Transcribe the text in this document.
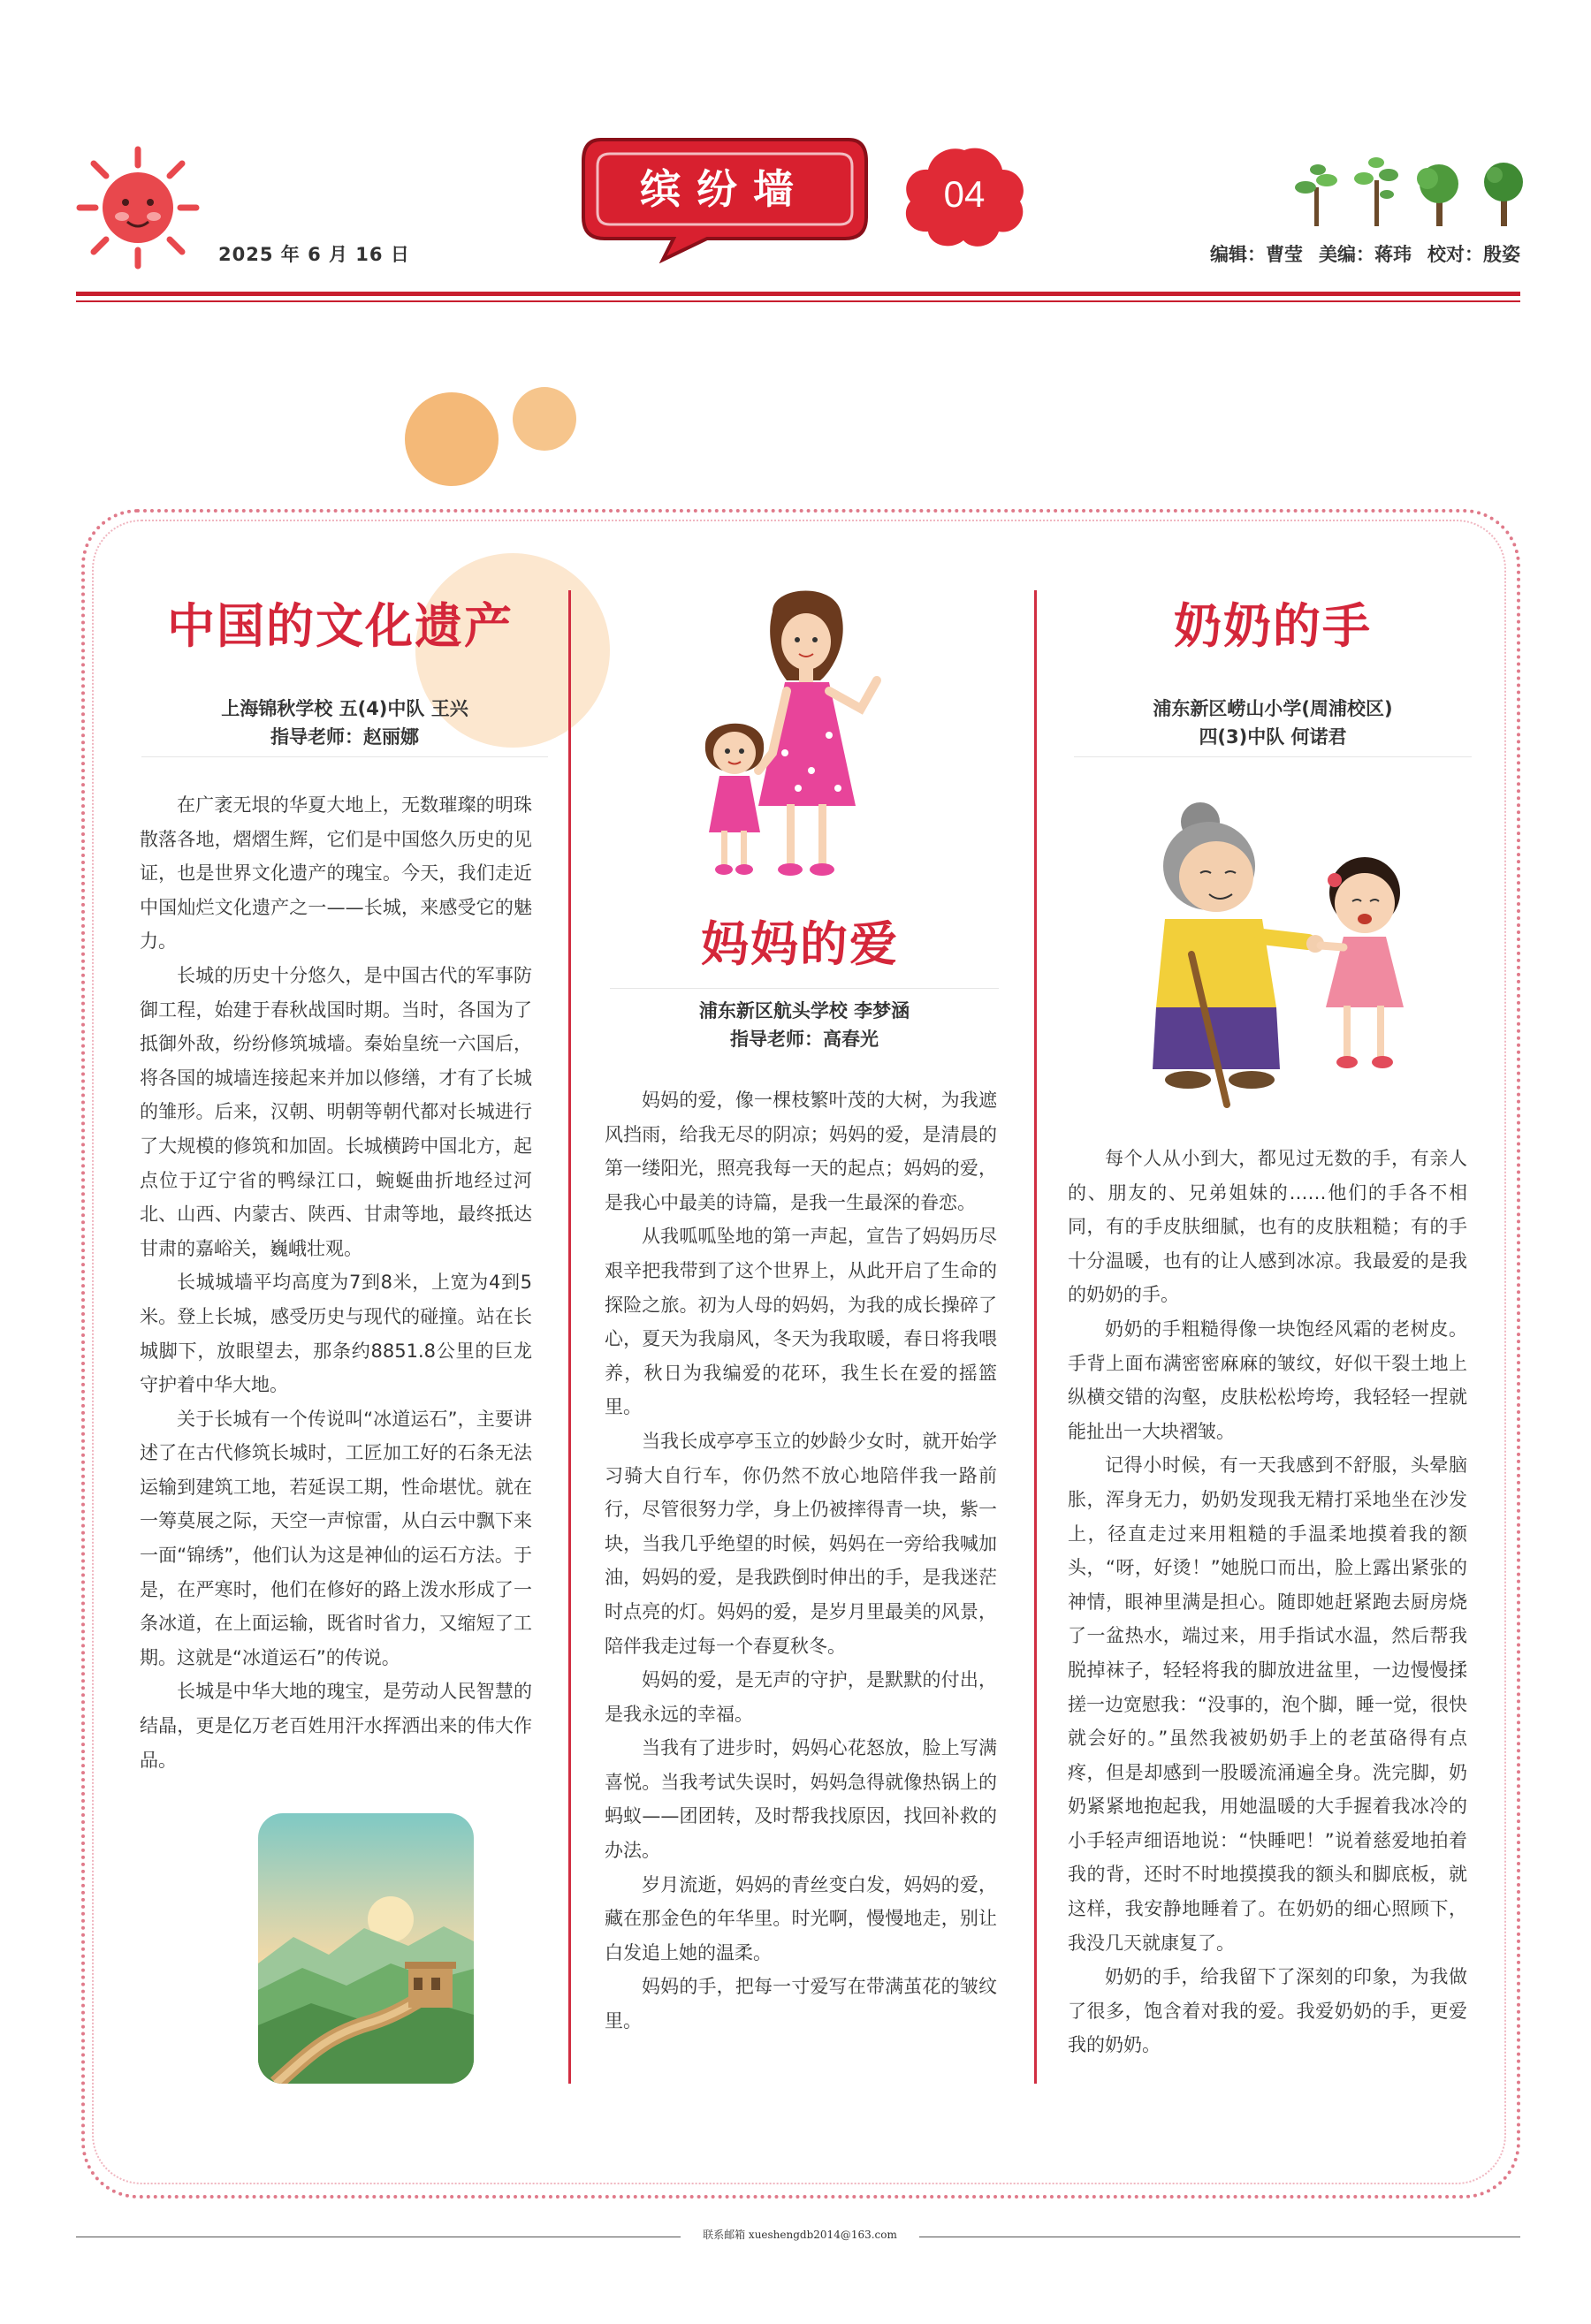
2025 年 6 月 16 日
缤纷墙	04
编辑：曹莹 美编：蒋玮 校对：殷姿
中国的文化遗产
上海锦秋学校 五(4)中队 王兴
指导老师：赵丽娜

在广袤无垠的华夏大地上，无数璀璨的明珠散落各地，熠熠生辉，它们是中国悠久历史的见证，也是世界文化遗产的瑰宝。今天，我们走近中国灿烂文化遗产之一——长城，来感受它的魅力。

长城的历史十分悠久，是中国古代的军事防御工程，始建于春秋战国时期。当时，各国为了抵御外敌，纷纷修筑城墙。秦始皇统一六国后，将各国的城墙连接起来并加以修缮，才有了长城的雏形。后来，汉朝、明朝等朝代都对长城进行了大规模的修筑和加固。长城横跨中国北方，起点位于辽宁省的鸭绿江口，蜿蜒曲折地经过河北、山西、内蒙古、陕西、甘肃等地，最终抵达甘肃的嘉峪关，巍峨壮观。

长城城墙平均高度为7到8米，上宽为4到5米。登上长城，感受历史与现代的碰撞。站在长城脚下，放眼望去，那条约8851.8公里的巨龙守护着中华大地。

关于长城有一个传说叫“冰道运石”，主要讲述了在古代修筑长城时，工匠加工好的石条无法运输到建筑工地，若延误工期，性命堪忧。就在一筹莫展之际，天空一声惊雷，从白云中飘下来一面“锦绣”，他们认为这是神仙的运石方法。于是，在严寒时，他们在修好的路上泼水形成了一条冰道，在上面运输，既省时省力，又缩短了工期。这就是“冰道运石”的传说。

长城是中华大地的瑰宝，是劳动人民智慧的结晶，更是亿万老百姓用汗水挥洒出来的伟大作品。

妈妈的爱
浦东新区航头学校 李梦涵
指导老师：高春光

妈妈的爱，像一棵枝繁叶茂的大树，为我遮风挡雨，给我无尽的阴凉；妈妈的爱，是清晨的第一缕阳光，照亮我每一天的起点；妈妈的爱，是我心中最美的诗篇，是我一生最深的眷恋。

从我呱呱坠地的第一声起，宣告了妈妈历尽艰辛把我带到了这个世界上，从此开启了生命的探险之旅。初为人母的妈妈，为我的成长操碎了心，夏天为我扇风，冬天为我取暖，春日将我喂养，秋日为我编爱的花环，我生长在爱的摇篮里。

当我长成亭亭玉立的妙龄少女时，就开始学习骑大自行车，你仍然不放心地陪伴我一路前行，尽管很努力学，身上仍被摔得青一块，紫一块，当我几乎绝望的时候，妈妈在一旁给我喊加油，妈妈的爱，是我跌倒时伸出的手，是我迷茫时点亮的灯。妈妈的爱，是岁月里最美的风景，陪伴我走过每一个春夏秋冬。

妈妈的爱，是无声的守护，是默默的付出，是我永远的幸福。

当我有了进步时，妈妈心花怒放，脸上写满喜悦。当我考试失误时，妈妈急得就像热锅上的蚂蚁——团团转，及时帮我找原因，找回补救的办法。

岁月流逝，妈妈的青丝变白发，妈妈的爱，藏在那金色的年华里。时光啊，慢慢地走，别让白发追上她的温柔。

妈妈的手，把每一寸爱写在带满茧花的皱纹里。

奶奶的手
浦东新区崂山小学(周浦校区)
四(3)中队 何诺君

每个人从小到大，都见过无数的手，有亲人的、朋友的、兄弟姐妹的……他们的手各不相同，有的手皮肤细腻，也有的皮肤粗糙；有的手十分温暖，也有的让人感到冰凉。我最爱的是我的奶奶的手。

奶奶的手粗糙得像一块饱经风霜的老树皮。手背上面布满密密麻麻的皱纹，好似干裂土地上纵横交错的沟壑，皮肤松松垮垮，我轻轻一捏就能扯出一大块褶皱。

记得小时候，有一天我感到不舒服，头晕脑胀，浑身无力，奶奶发现我无精打采地坐在沙发上，径直走过来用粗糙的手温柔地摸着我的额头，“呀，好烫！”她脱口而出，脸上露出紧张的神情，眼神里满是担心。随即她赶紧跑去厨房烧了一盆热水，端过来，用手指试水温，然后帮我脱掉袜子，轻轻将我的脚放进盆里，一边慢慢揉搓一边宽慰我：“没事的，泡个脚，睡一觉，很快就会好的。”虽然我被奶奶手上的老茧硌得有点疼，但是却感到一股暖流涌遍全身。洗完脚，奶奶紧紧地抱起我，用她温暖的大手握着我冰冷的小手轻声细语地说：“快睡吧！”说着慈爱地拍着我的背，还时不时地摸摸我的额头和脚底板，就这样，我安静地睡着了。在奶奶的细心照顾下，我没几天就康复了。

奶奶的手，给我留下了深刻的印象，为我做了很多，饱含着对我的爱。我爱奶奶的手，更爱我的奶奶。

联系邮箱 xueshengdb2014@163.com
